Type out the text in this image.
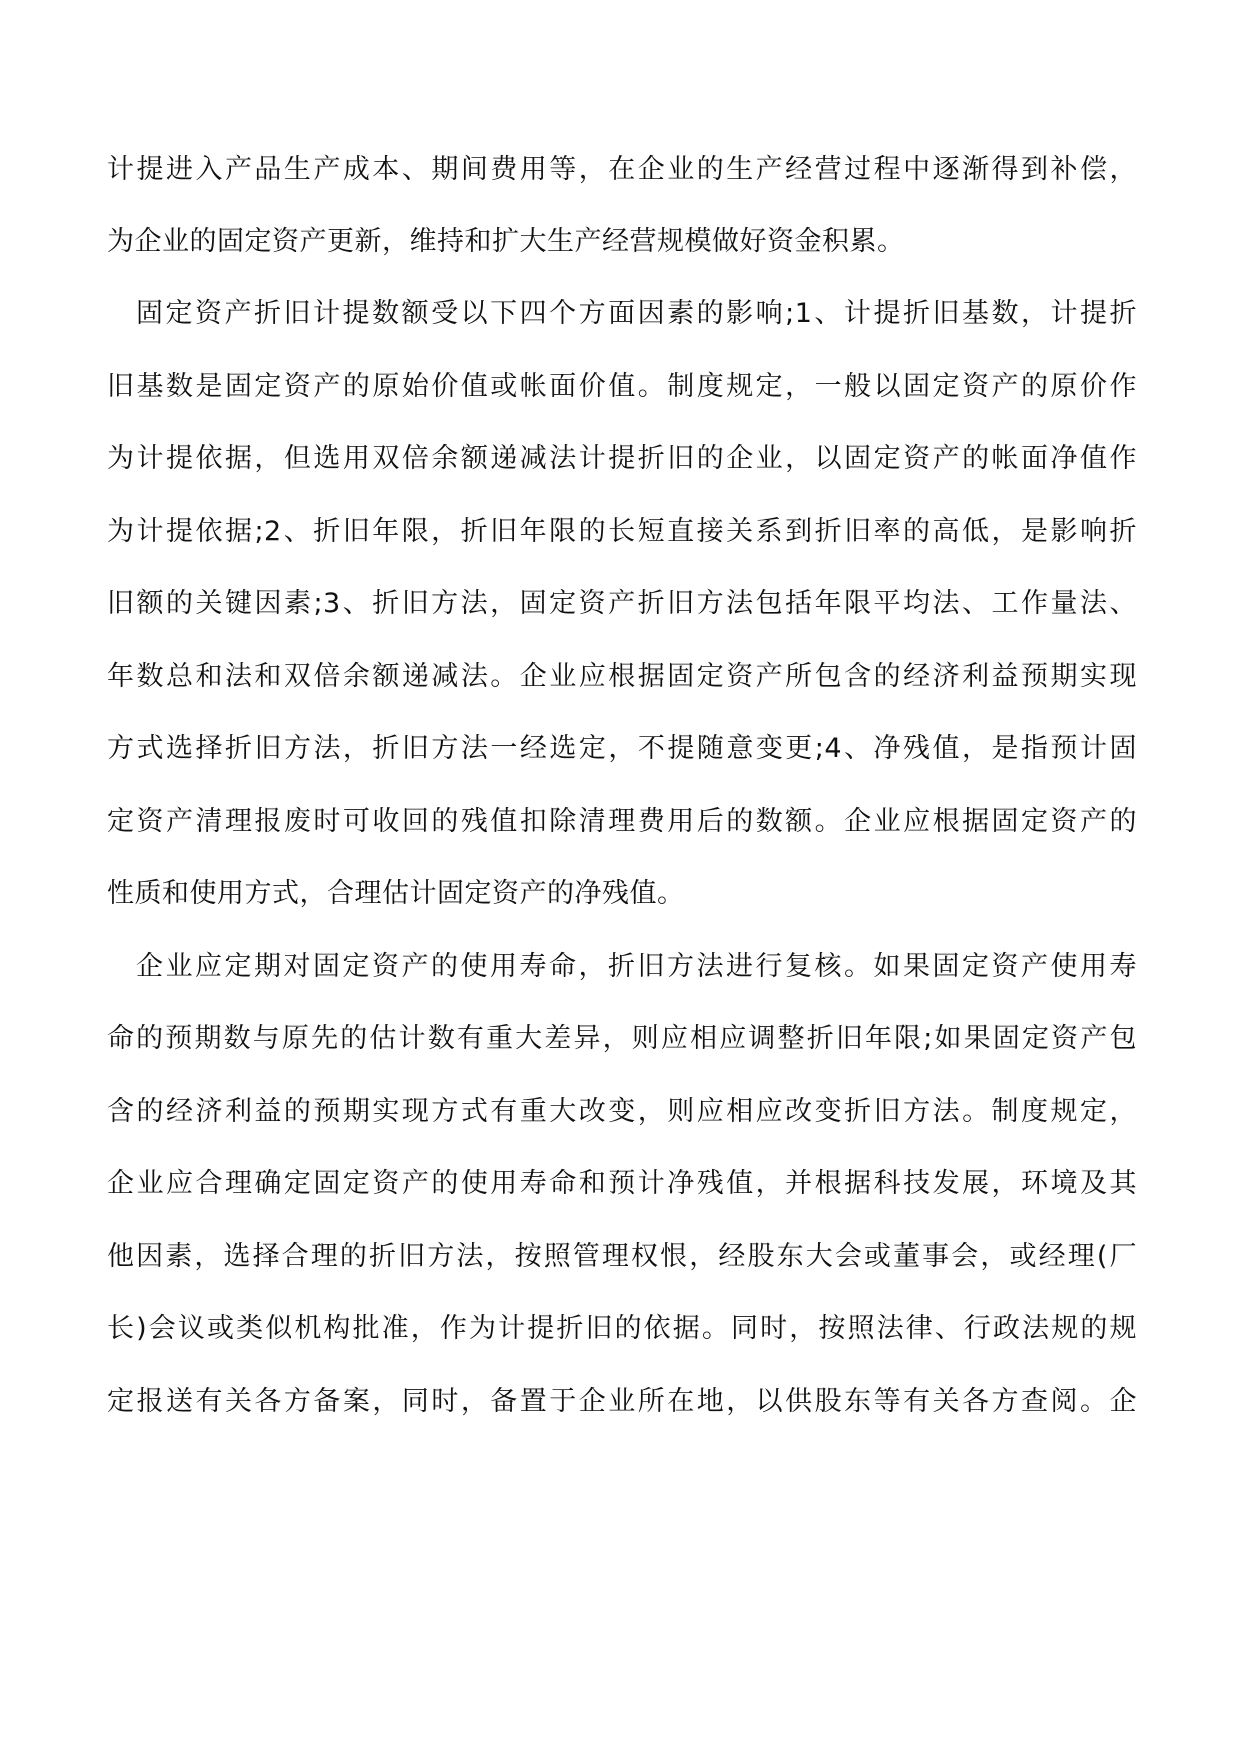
计提进入产品生产成本、期间费用等，在企业的生产经营过程中逐渐得到补偿，
为企业的固定资产更新，维持和扩大生产经营规模做好资金积累。
固定资产折旧计提数额受以下四个方面因素的影响;1、计提折旧基数，计提折
旧基数是固定资产的原始价值或帐面价值。制度规定，一般以固定资产的原价作
为计提依据，但选用双倍余额递减法计提折旧的企业，以固定资产的帐面净值作
为计提依据;2、折旧年限，折旧年限的长短直接关系到折旧率的高低，是影响折
旧额的关键因素;3、折旧方法，固定资产折旧方法包括年限平均法、工作量法、
年数总和法和双倍余额递减法。企业应根据固定资产所包含的经济利益预期实现
方式选择折旧方法，折旧方法一经选定，不提随意变更;4、净残值，是指预计固
定资产清理报废时可收回的残值扣除清理费用后的数额。企业应根据固定资产的
性质和使用方式，合理估计固定资产的净残值。
企业应定期对固定资产的使用寿命，折旧方法进行复核。如果固定资产使用寿
命的预期数与原先的估计数有重大差异，则应相应调整折旧年限;如果固定资产包
含的经济利益的预期实现方式有重大改变，则应相应改变折旧方法。制度规定，
企业应合理确定固定资产的使用寿命和预计净残值，并根据科技发展，环境及其
他因素，选择合理的折旧方法，按照管理权恨，经股东大会或董事会，或经理(厂
长)会议或类似机构批准，作为计提折旧的依据。同时，按照法律、行政法规的规
定报送有关各方备案，同时，备置于企业所在地，以供股东等有关各方查阅。企
